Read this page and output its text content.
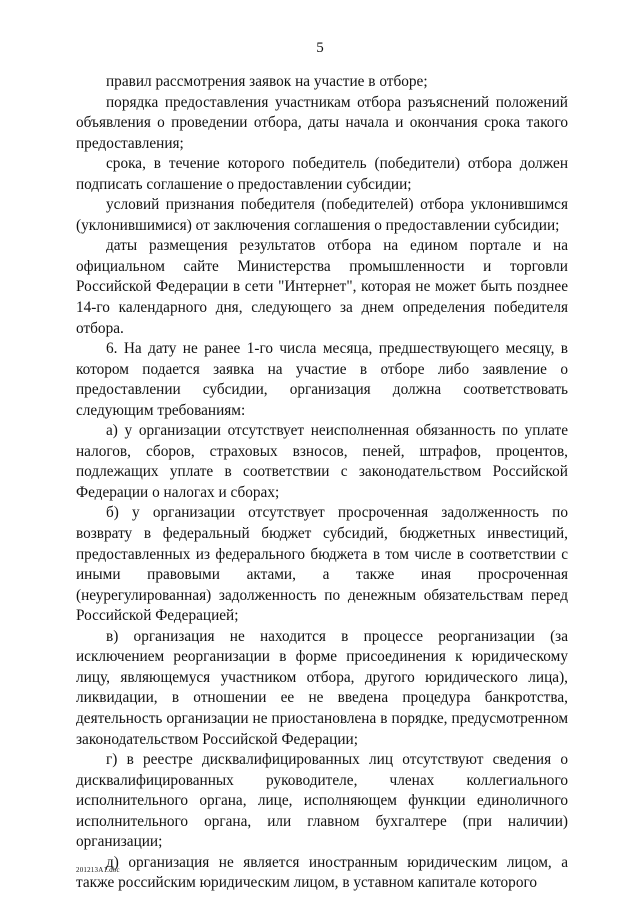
5

правил рассмотрения заявок на участие в отборе;

порядка предоставления участникам отбора разъяснений положений объявления о проведении отбора, даты начала и окончания срока такого предоставления;

срока, в течение которого победитель (победители) отбора должен подписать соглашение о предоставлении субсидии;

условий признания победителя (победителей) отбора уклонившимся (уклонившимися) от заключения соглашения о предоставлении субсидии;

даты размещения результатов отбора на едином портале и на официальном сайте Министерства промышленности и торговли Российской Федерации в сети "Интернет", которая не может быть позднее 14-го календарного дня, следующего за днем определения победителя отбора.

6. На дату не ранее 1-го числа месяца, предшествующего месяцу, в котором подается заявка на участие в отборе либо заявление о предоставлении субсидии, организация должна соответствовать следующим требованиям:

а) у организации отсутствует неисполненная обязанность по уплате налогов, сборов, страховых взносов, пеней, штрафов, процентов, подлежащих уплате в соответствии с законодательством Российской Федерации о налогах и сборах;

б) у организации отсутствует просроченная задолженность по возврату в федеральный бюджет субсидий, бюджетных инвестиций, предоставленных из федерального бюджета в том числе в соответствии с иными правовыми актами, а также иная просроченная (неурегулированная) задолженность по денежным обязательствам перед Российской Федерацией;

в) организация не находится в процессе реорганизации (за исключением реорганизации в форме присоединения к юридическому лицу, являющемуся участником отбора, другого юридического лица), ликвидации, в отношении ее не введена процедура банкротства, деятельность организации не приостановлена в порядке, предусмотренном законодательством Российской Федерации;

г) в реестре дисквалифицированных лиц отсутствуют сведения о дисквалифицированных руководителе, членах коллегиального исполнительного органа, лице, исполняющем функции единоличного исполнительного органа, или главном бухгалтере (при наличии) организации;

д) организация не является иностранным юридическим лицом, а также российским юридическим лицом, в уставном капитале которого

201213A1.doc
